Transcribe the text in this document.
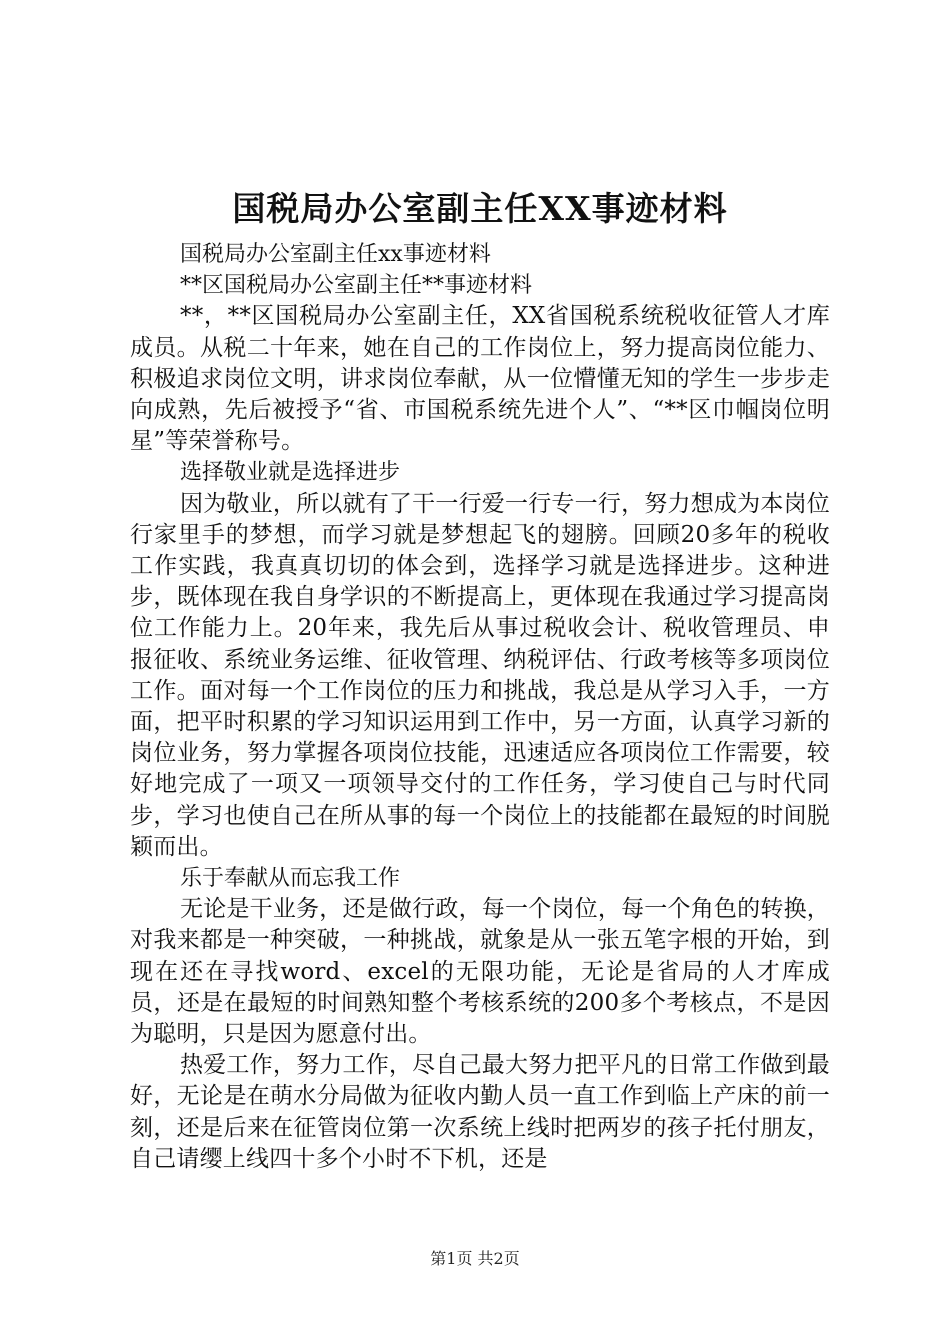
国税局办公室副主任XX事迹材料

国税局办公室副主任xx事迹材料

**区国税局办公室副主任**事迹材料

**，**区国税局办公室副主任，XX省国税系统税收征管人才库成员。从税二十年来，她在自己的工作岗位上，努力提高岗位能力、积极追求岗位文明，讲求岗位奉献，从一位懵懂无知的学生一步步走向成熟，先后被授予“省、市国税系统先进个人”、“**区巾帼岗位明星”等荣誉称号。

选择敬业就是选择进步

因为敬业，所以就有了干一行爱一行专一行，努力想成为本岗位行家里手的梦想，而学习就是梦想起飞的翅膀。回顾20多年的税收工作实践，我真真切切的体会到，选择学习就是选择进步。这种进步，既体现在我自身学识的不断提高上，更体现在我通过学习提高岗位工作能力上。20年来，我先后从事过税收会计、税收管理员、申报征收、系统业务运维、征收管理、纳税评估、行政考核等多项岗位工作。面对每一个工作岗位的压力和挑战，我总是从学习入手，一方面，把平时积累的学习知识运用到工作中，另一方面，认真学习新的岗位业务，努力掌握各项岗位技能，迅速适应各项岗位工作需要，较好地完成了一项又一项领导交付的工作任务，学习使自己与时代同步，学习也使自己在所从事的每一个岗位上的技能都在最短的时间脱颖而出。

乐于奉献从而忘我工作

无论是干业务，还是做行政，每一个岗位，每一个角色的转换，对我来都是一种突破，一种挑战，就象是从一张五笔字根的开始，到现在还在寻找word、excel的无限功能，无论是省局的人才库成员，还是在最短的时间熟知整个考核系统的200多个考核点，不是因为聪明，只是因为愿意付出。

热爱工作，努力工作，尽自己最大努力把平凡的日常工作做到最好，无论是在萌水分局做为征收内勤人员一直工作到临上产床的前一刻，还是后来在征管岗位第一次系统上线时把两岁的孩子托付朋友，自己请缨上线四十多个小时不下机，还是

第1页 共2页
